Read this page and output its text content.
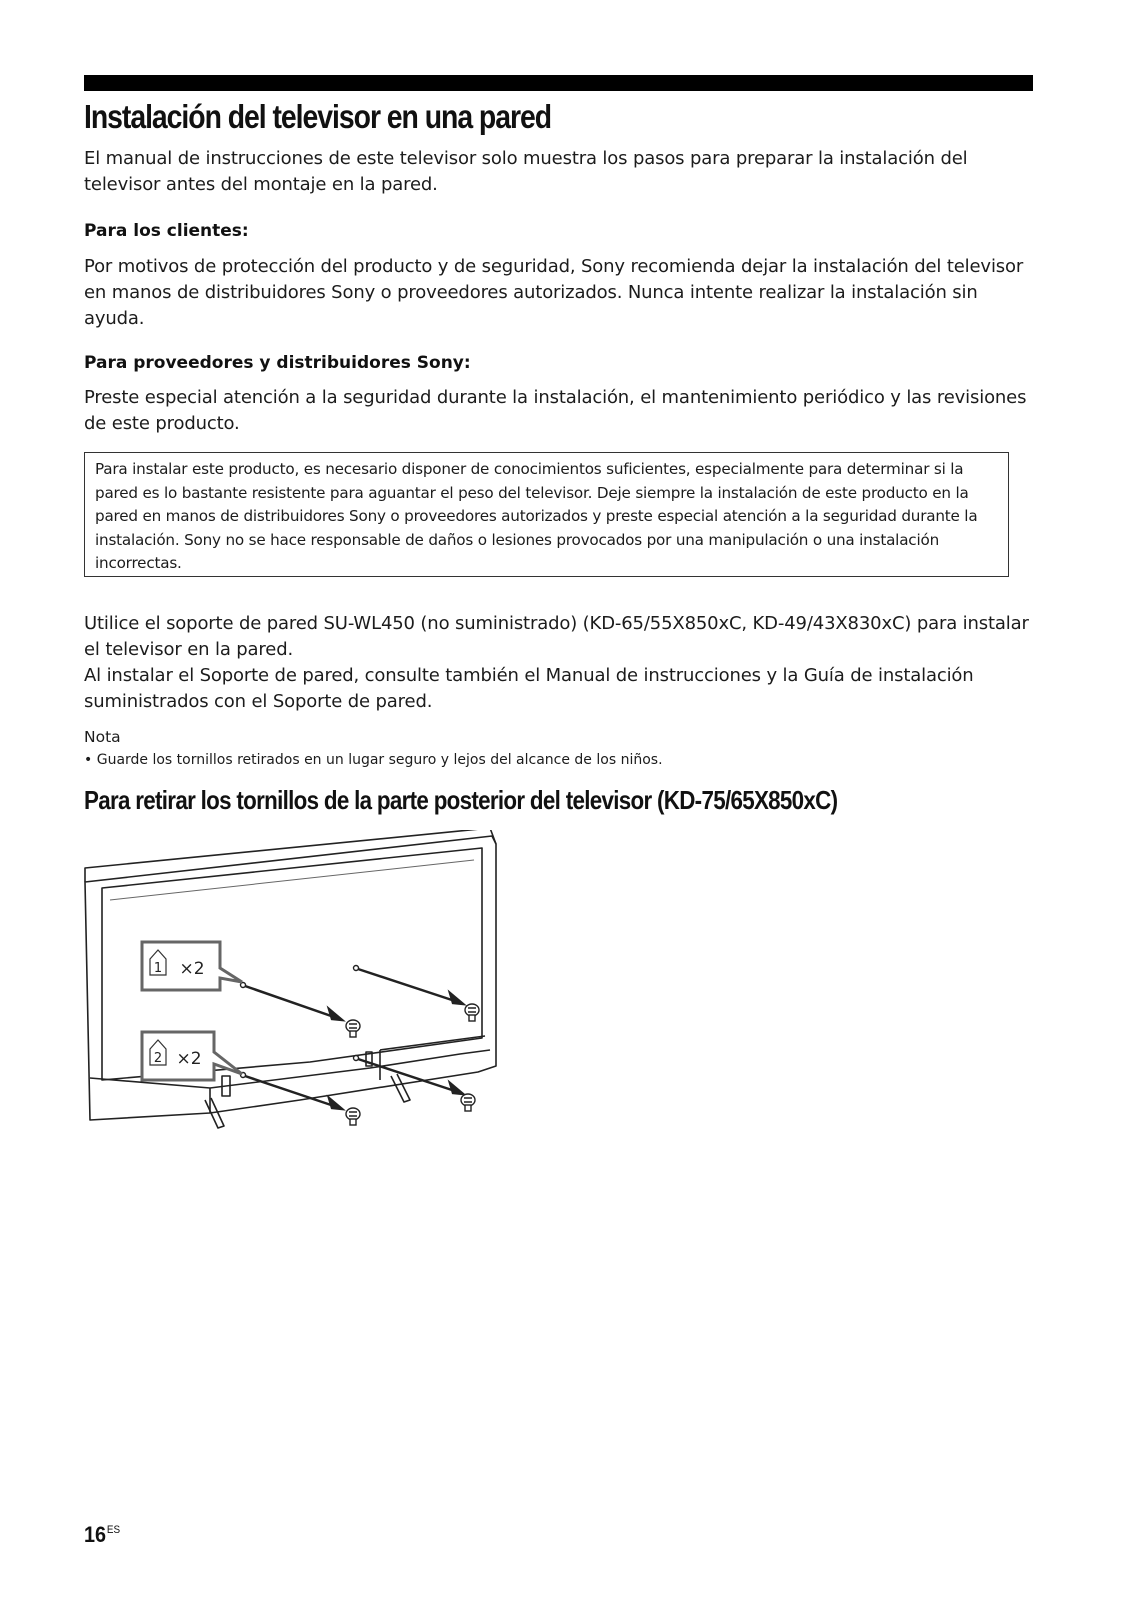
Instalación del televisor en una pared

El manual de instrucciones de este televisor solo muestra los pasos para preparar la instalación del televisor antes del montaje en la pared.

Para los clientes:

Por motivos de protección del producto y de seguridad, Sony recomienda dejar la instalación del televisor en manos de distribuidores Sony o proveedores autorizados. Nunca intente realizar la instalación sin ayuda.

Para proveedores y distribuidores Sony:

Preste especial atención a la seguridad durante la instalación, el mantenimiento periódico y las revisiones de este producto.

Para instalar este producto, es necesario disponer de conocimientos suficientes, especialmente para determinar si la pared es lo bastante resistente para aguantar el peso del televisor. Deje siempre la instalación de este producto en la pared en manos de distribuidores Sony o proveedores autorizados y preste especial atención a la seguridad durante la instalación. Sony no se hace responsable de daños o lesiones provocados por una manipulación o una instalación incorrectas.

Utilice el soporte de pared SU-WL450 (no suministrado) (KD-65/55X850xC, KD-49/43X830xC) para instalar el televisor en la pared.

Al instalar el Soporte de pared, consulte también el Manual de instrucciones y la Guía de instalación suministrados con el Soporte de pared.

Nota

• Guarde los tornillos retirados en un lugar seguro y lejos del alcance de los niños.

Para retirar los tornillos de la parte posterior del televisor (KD-75/65X850xC)
1 ×2
2 ×2
$16^{ES}$
